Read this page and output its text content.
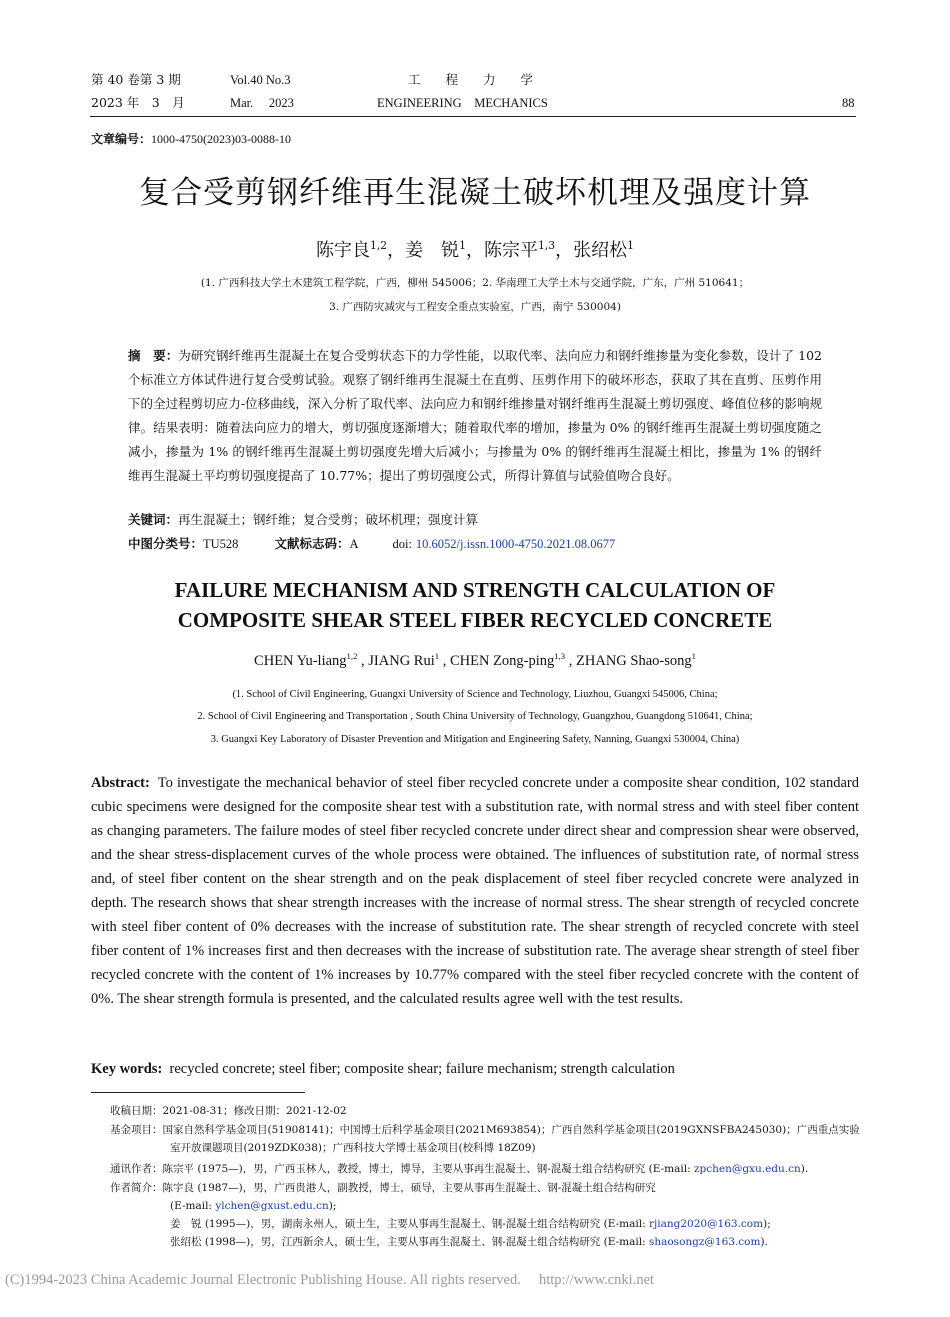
第 40 卷第 3 期	Vol.40 No.3	工　　程　　力　　学
2023 年　3　月	Mar.　 2023	ENGINEERING　MECHANICS	88
文章编号：1000-4750(2023)03-0088-10
复合受剪钢纤维再生混凝土破坏机理及强度计算
陈宇良$^{1,2}$，姜　锐$^1$，陈宗平$^{1,3}$，张绍松$^1$
(1. 广西科技大学土木建筑工程学院，广西，柳州 545006；2. 华南理工大学土木与交通学院，广东，广州 510641；
3. 广西防灾减灾与工程安全重点实验室，广西，南宁 530004)
摘　要：为研究钢纤维再生混凝土在复合受剪状态下的力学性能，以取代率、法向应力和钢纤维掺量为变化参数，设计了 102 个标准立方体试件进行复合受剪试验。观察了钢纤维再生混凝土在直剪、压剪作用下的破坏形态，获取了其在直剪、压剪作用下的全过程剪切应力-位移曲线，深入分析了取代率、法向应力和钢纤维掺量对钢纤维再生混凝土剪切强度、峰值位移的影响规律。结果表明：随着法向应力的增大，剪切强度逐渐增大；随着取代率的增加，掺量为 0% 的钢纤维再生混凝土剪切强度随之减小，掺量为 1% 的钢纤维再生混凝土剪切强度先增大后减小；与掺量为 0% 的钢纤维再生混凝土相比，掺量为 1% 的钢纤维再生混凝土平均剪切强度提高了 10.77%；提出了剪切强度公式，所得计算值与试验值吻合良好。
关键词：再生混凝土；钢纤维；复合受剪；破坏机理；强度计算
中图分类号：TU528	文献标志码：A	doi: 10.6052/j.issn.1000-4750.2021.08.0677
FAILURE MECHANISM AND STRENGTH CALCULATION OF
COMPOSITE SHEAR STEEL FIBER RECYCLED CONCRETE
CHEN Yu-liang$^{1,2}$ , JIANG Rui$^1$ , CHEN Zong-ping$^{1,3}$ , ZHANG Shao-song$^1$
(1. School of Civil Engineering, Guangxi University of Science and Technology, Liuzhou, Guangxi 545006, China;
2. School of Civil Engineering and Transportation , South China University of Technology, Guangzhou, Guangdong 510641, China;
3. Guangxi Key Laboratory of Disaster Prevention and Mitigation and Engineering Safety, Nanning, Guangxi 530004, China)
Abstract: To investigate the mechanical behavior of steel fiber recycled concrete under a composite shear condition, 102 standard cubic specimens were designed for the composite shear test with a substitution rate, with normal stress and with steel fiber content as changing parameters. The failure modes of steel fiber recycled concrete under direct shear and compression shear were observed, and the shear stress-displacement curves of the whole process were obtained. The influences of substitution rate, of normal stress and, of steel fiber content on the shear strength and on the peak displacement of steel fiber recycled concrete were analyzed in depth. The research shows that shear strength increases with the increase of normal stress. The shear strength of recycled concrete with steel fiber content of 0% decreases with the increase of substitution rate. The shear strength of recycled concrete with steel fiber content of 1% increases first and then decreases with the increase of substitution rate. The average shear strength of steel fiber recycled concrete with the content of 1% increases by 10.77% compared with the steel fiber recycled concrete with the content of 0%. The shear strength formula is presented, and the calculated results agree well with the test results.
Key words: recycled concrete; steel fiber; composite shear; failure mechanism; strength calculation
收稿日期：2021-08-31；修改日期：2021-12-02
基金项目：国家自然科学基金项目(51908141)；中国博士后科学基金项目(2021M693854)；广西自然科学基金项目(2019GXNSFBA245030)；广西重点实验室开放课题项目(2019ZDK038)；广西科技大学博士基金项目(校科博 18Z09)
通讯作者：陈宗平 (1975—)，男，广西玉林人，教授，博士，博导，主要从事再生混凝土、钢-混凝土组合结构研究 (E-mail: zpchen@gxu.edu.cn).
作者简介：陈宇良 (1987—)，男，广西贵港人，副教授，博士，硕导，主要从事再生混凝土、钢-混凝土组合结构研究
(E-mail: ylchen@gxust.edu.cn);
姜　锐 (1995—)，男，湖南永州人，硕士生，主要从事再生混凝土、钢-混凝土组合结构研究 (E-mail: rjiang2020@163.com);
张绍松 (1998—)，男，江西新余人，硕士生，主要从事再生混凝土、钢-混凝土组合结构研究 (E-mail: shaosongz@163.com).
(C)1994-2023 China Academic Journal Electronic Publishing House. All rights reserved.　 http://www.cnki.net
